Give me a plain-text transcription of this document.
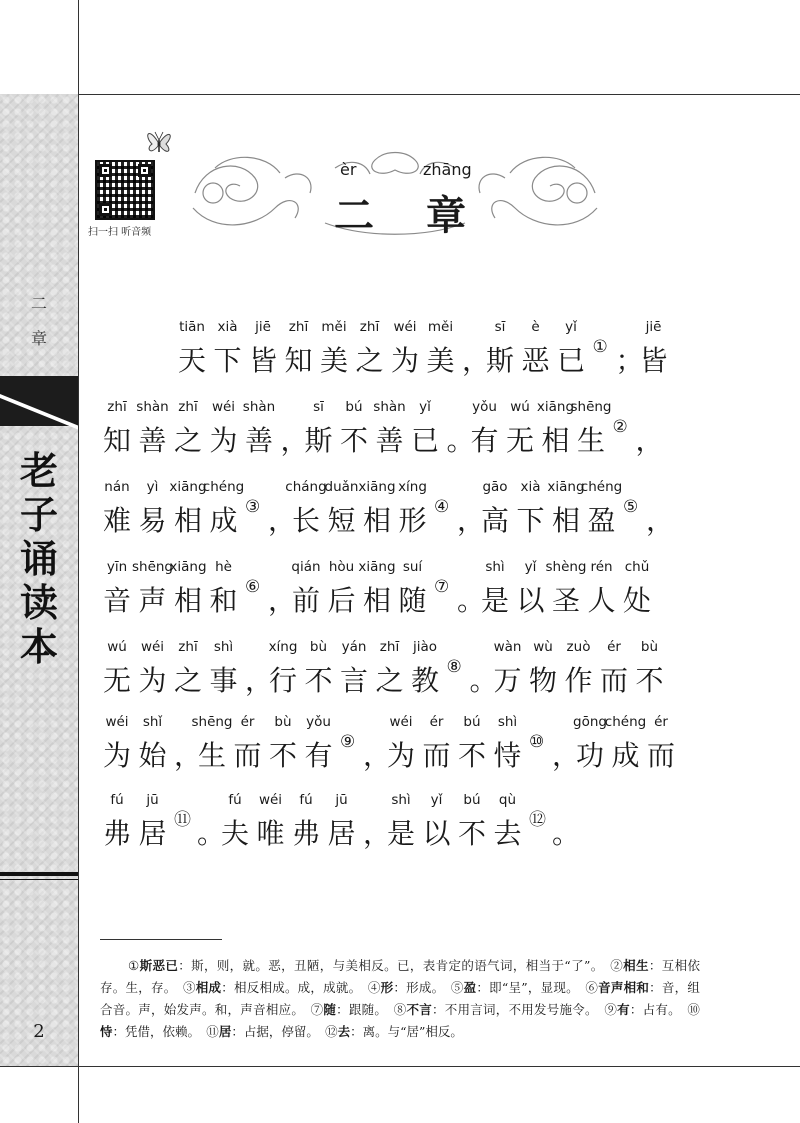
二
章
老
子
诵
读
本
2
扫一扫 听音频
èr	zhāng
二 章
天
tiān
下
xià
皆
jiē
知
zhī
美
měi
之
zhī
为
wéi
美
měi
，
斯
sī
恶
è
已
yǐ
① ；
皆
jiē
知
zhī
善
shàn
之
zhī
为
wéi
善
shàn
，
斯
sī
不
bú
善
shàn
已
yǐ
。
有
yǒu
无
wú
相
xiāng
生
shēng
② ，
难
nán
易
yì
相
xiāng
成
chéng
③ ，
长
cháng
短
duǎn
相
xiāng
形
xíng
④ ，
高
gāo
下
xià
相
xiāng
盈
chéng
⑤ ，
音
yīn
声
shēng
相
xiāng
和
hè
⑥ ，
前
qián
后
hòu
相
xiāng
随
suí
⑦ 。
是
shì
以
yǐ
圣
shèng
人
rén
处
chǔ
无
wú
为
wéi
之
zhī
事
shì
，
行
xíng
不
bù
言
yán
之
zhī
教
jiào
⑧ 。
万
wàn
物
wù
作
zuò
而
ér
不
bù
为
wéi
始
shǐ
，
生
shēng
而
ér
不
bù
有
yǒu
⑨ ，
为
wéi
而
ér
不
bú
恃
shì
⑩ ，
功
gōng
成
chéng
而
ér
弗
fú
居
jū
⑪ 。
夫
fú
唯
wéi
弗
fú
居
jū
，
是
shì
以
yǐ
不
bú
去
qù
⑫ 。
①斯恶已：斯，则，就。恶，丑陋，与美相反。已，表肯定的语气词，相当于“了”。　 ②相生：互相依存。生，存。　 ③相成：相反相成。成，成就。　 ④形：形成。　 ⑤盈：即“呈”，显现。　 ⑥音声相和：音，组合音。声，始发声。和，声音相应。　 ⑦随：跟随。　 ⑧不言：不用言词，不用发号施令。　 ⑨有：占有。　 ⑩恃：凭借，依赖。　 ⑪居：占据，停留。　 ⑫去：离。与“居”相反。
